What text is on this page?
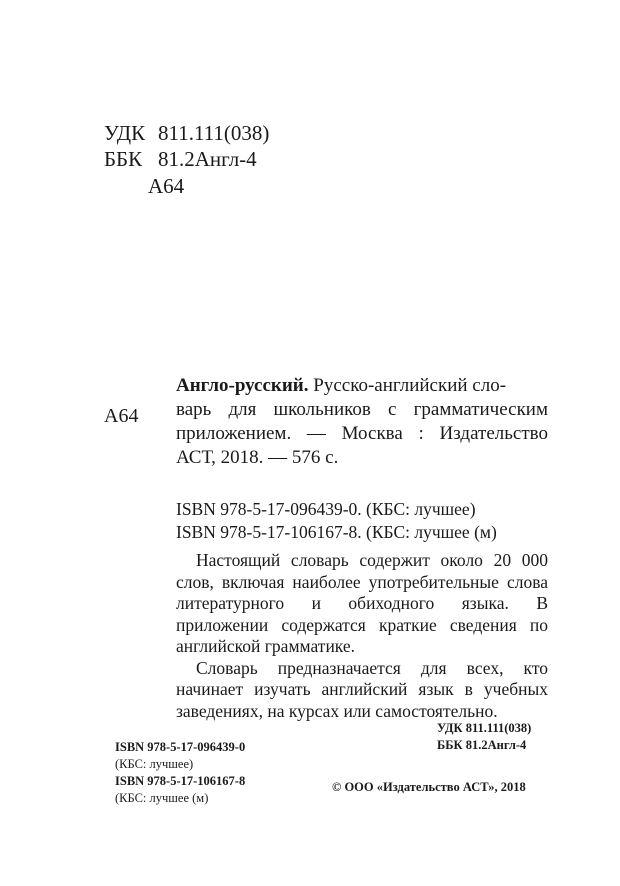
УДК 811.111(038)
ББК 81.2Англ-4
А64
А64
Англо-русский. Русско-английский сло-
варь для школьников с грамматическим
приложением. — Москва : Издательство
АСТ, 2018. — 576 с.
ISBN 978-5-17-096439-0. (КБС: лучшее)
ISBN 978-5-17-106167-8. (КБС: лучшее (м)

Настоящий словарь содержит около 20 000 слов, включая наиболее употребительные слова литературного и обиходного языка. В приложении содержатся краткие сведения по английской грамматике.

Словарь предназначается для всех, кто начинает изучать английский язык в учебных заведениях, на курсах или самостоятельно.

УДК 811.111(038)
ББК 81.2Англ-4
ISBN 978-5-17-096439-0
(КБС: лучшее)
ISBN 978-5-17-106167-8
(КБС: лучшее (м)
© ООО «Издательство АСТ», 2018
